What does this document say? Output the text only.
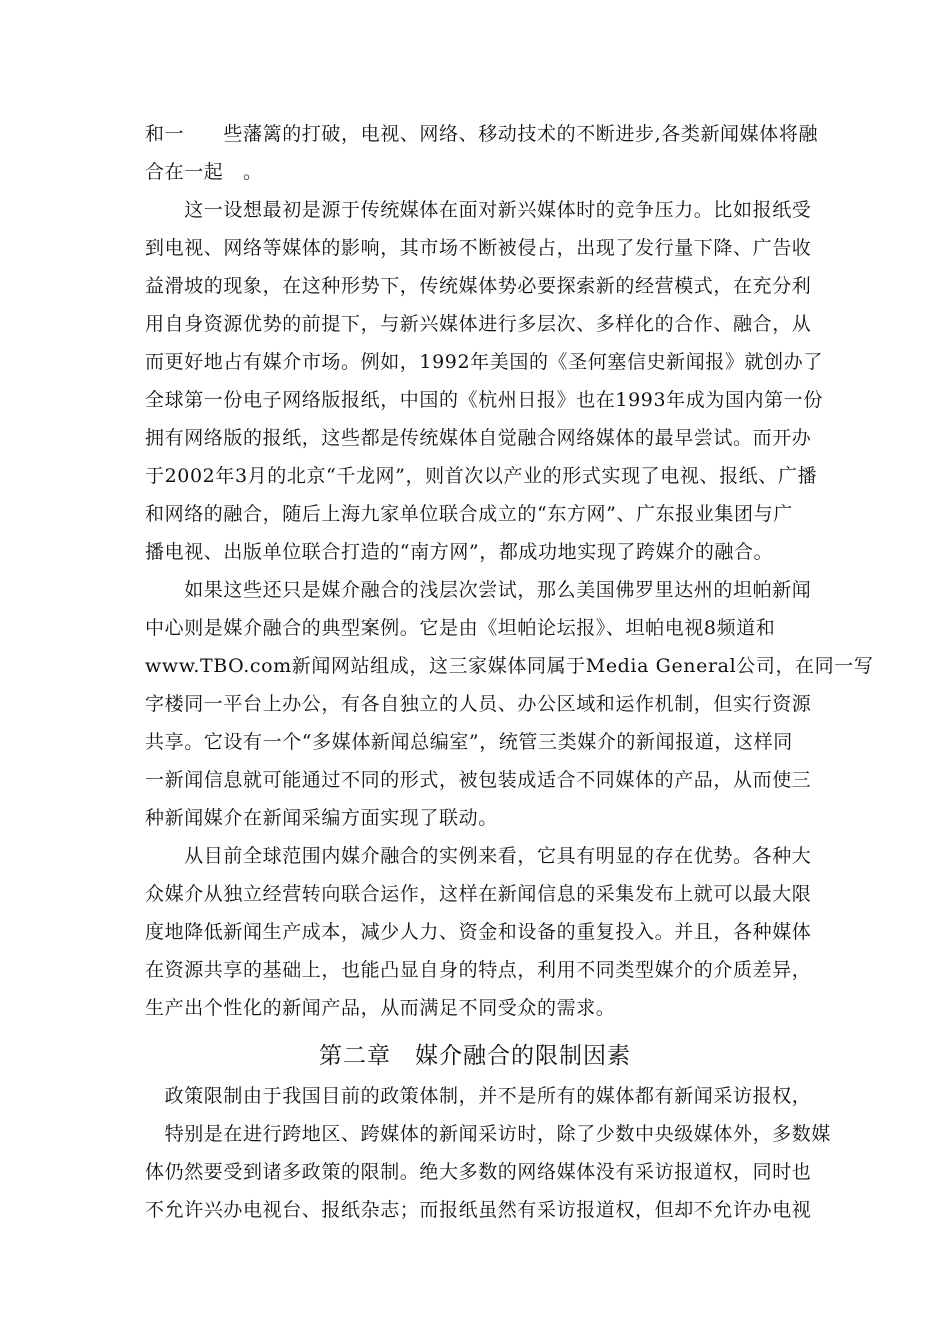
和一　　些藩篱的打破，电视、网络、移动技术的不断进步,各类新闻媒体将融
合在一起　。
　　这一设想最初是源于传统媒体在面对新兴媒体时的竞争压力。比如报纸受
到电视、网络等媒体的影响，其市场不断被侵占，出现了发行量下降、广告收
益滑坡的现象，在这种形势下，传统媒体势必要探索新的经营模式，在充分利
用自身资源优势的前提下，与新兴媒体进行多层次、多样化的合作、融合，从
而更好地占有媒介市场。例如，1992年美国的《圣何塞信史新闻报》就创办了
全球第一份电子网络版报纸，中国的《杭州日报》也在1993年成为国内第一份
拥有网络版的报纸，这些都是传统媒体自觉融合网络媒体的最早尝试。而开办
于2002年3月的北京“千龙网”，则首次以产业的形式实现了电视、报纸、广播
和网络的融合，随后上海九家单位联合成立的“东方网”、广东报业集团与广
播电视、出版单位联合打造的“南方网”，都成功地实现了跨媒介的融合。
　　如果这些还只是媒介融合的浅层次尝试，那么美国佛罗里达州的坦帕新闻
中心则是媒介融合的典型案例。它是由《坦帕论坛报》、坦帕电视8频道和
www.TBO.com新闻网站组成，这三家媒体同属于Media General公司，在同一写
字楼同一平台上办公，有各自独立的人员、办公区域和运作机制，但实行资源
共享。它设有一个“多媒体新闻总编室”，统管三类媒介的新闻报道，这样同
一新闻信息就可能通过不同的形式，被包装成适合不同媒体的产品，从而使三
种新闻媒介在新闻采编方面实现了联动。
　　从目前全球范围内媒介融合的实例来看，它具有明显的存在优势。各种大
众媒介从独立经营转向联合运作，这样在新闻信息的采集发布上就可以最大限
度地降低新闻生产成本，减少人力、资金和设备的重复投入。并且，各种媒体
在资源共享的基础上，也能凸显自身的特点，利用不同类型媒介的介质差异，
生产出个性化的新闻产品，从而满足不同受众的需求。
第二章　媒介融合的限制因素
　政策限制由于我国目前的政策体制，并不是所有的媒体都有新闻采访报权，
　特别是在进行跨地区、跨媒体的新闻采访时，除了少数中央级媒体外，多数媒
体仍然要受到诸多政策的限制。绝大多数的网络媒体没有采访报道权，同时也
不允许兴办电视台、报纸杂志；而报纸虽然有采访报道权，但却不允许办电视
